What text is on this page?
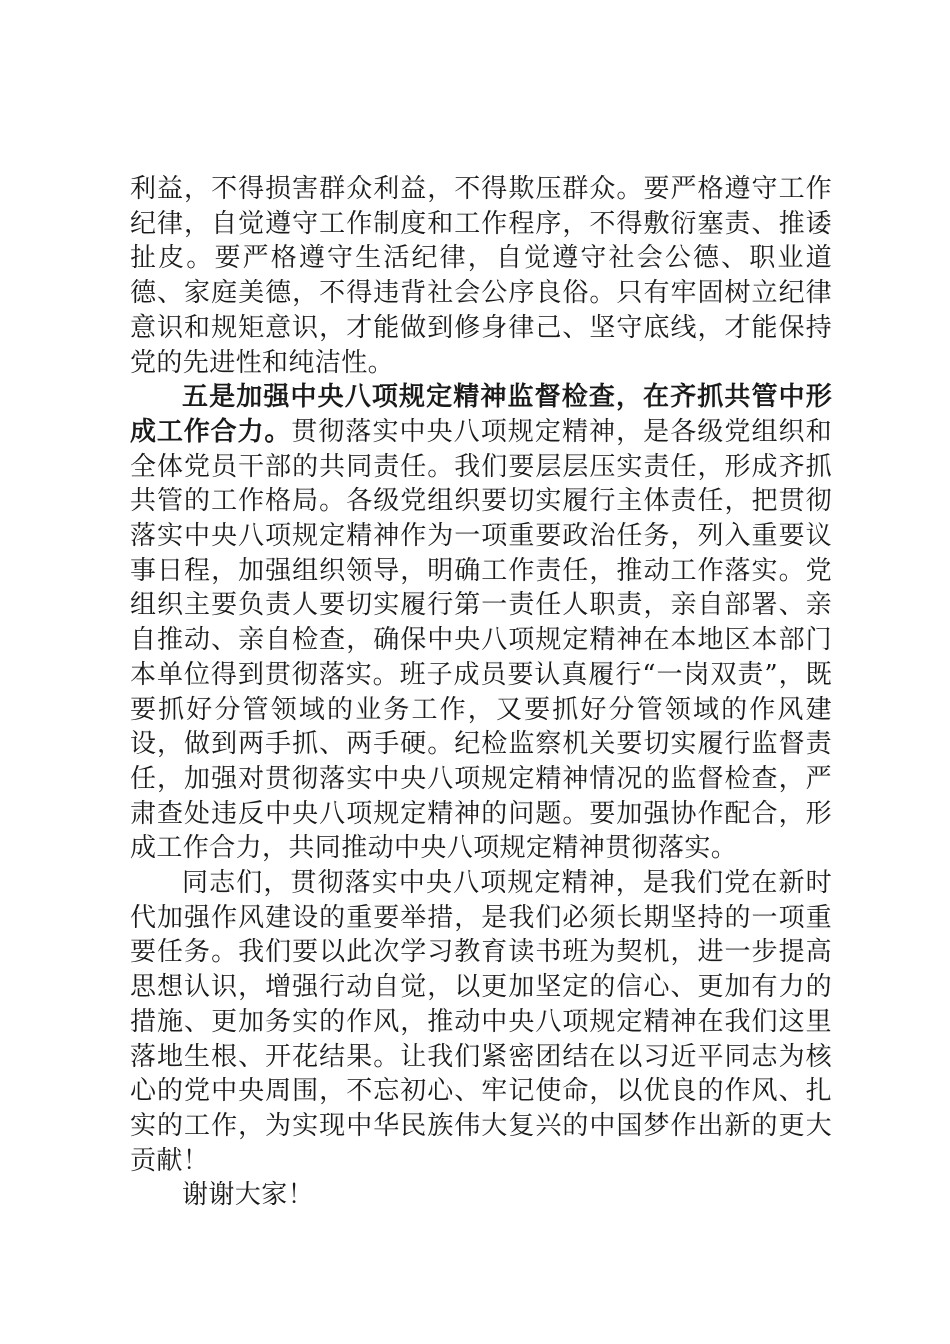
利益，不得损害群众利益，不得欺压群众。要严格遵守工作纪律，自觉遵守工作制度和工作程序，不得敷衍塞责、推诿扯皮。要严格遵守生活纪律，自觉遵守社会公德、职业道德、家庭美德，不得违背社会公序良俗。只有牢固树立纪律意识和规矩意识，才能做到修身律己、坚守底线，才能保持党的先进性和纯洁性。

五是加强中央八项规定精神监督检查，在齐抓共管中形成工作合力。贯彻落实中央八项规定精神，是各级党组织和全体党员干部的共同责任。我们要层层压实责任，形成齐抓共管的工作格局。各级党组织要切实履行主体责任，把贯彻落实中央八项规定精神作为一项重要政治任务，列入重要议事日程，加强组织领导，明确工作责任，推动工作落实。党组织主要负责人要切实履行第一责任人职责，亲自部署、亲自推动、亲自检查，确保中央八项规定精神在本地区本部门本单位得到贯彻落实。班子成员要认真履行“一岗双责”，既要抓好分管领域的业务工作，又要抓好分管领域的作风建设，做到两手抓、两手硬。纪检监察机关要切实履行监督责任，加强对贯彻落实中央八项规定精神情况的监督检查，严肃查处违反中央八项规定精神的问题。要加强协作配合，形成工作合力，共同推动中央八项规定精神贯彻落实。

同志们，贯彻落实中央八项规定精神，是我们党在新时代加强作风建设的重要举措，是我们必须长期坚持的一项重要任务。我们要以此次学习教育读书班为契机，进一步提高思想认识，增强行动自觉，以更加坚定的信心、更加有力的措施、更加务实的作风，推动中央八项规定精神在我们这里落地生根、开花结果。让我们紧密团结在以习近平同志为核心的党中央周围，不忘初心、牢记使命，以优良的作风、扎实的工作，为实现中华民族伟大复兴的中国梦作出新的更大贡献！

谢谢大家！
